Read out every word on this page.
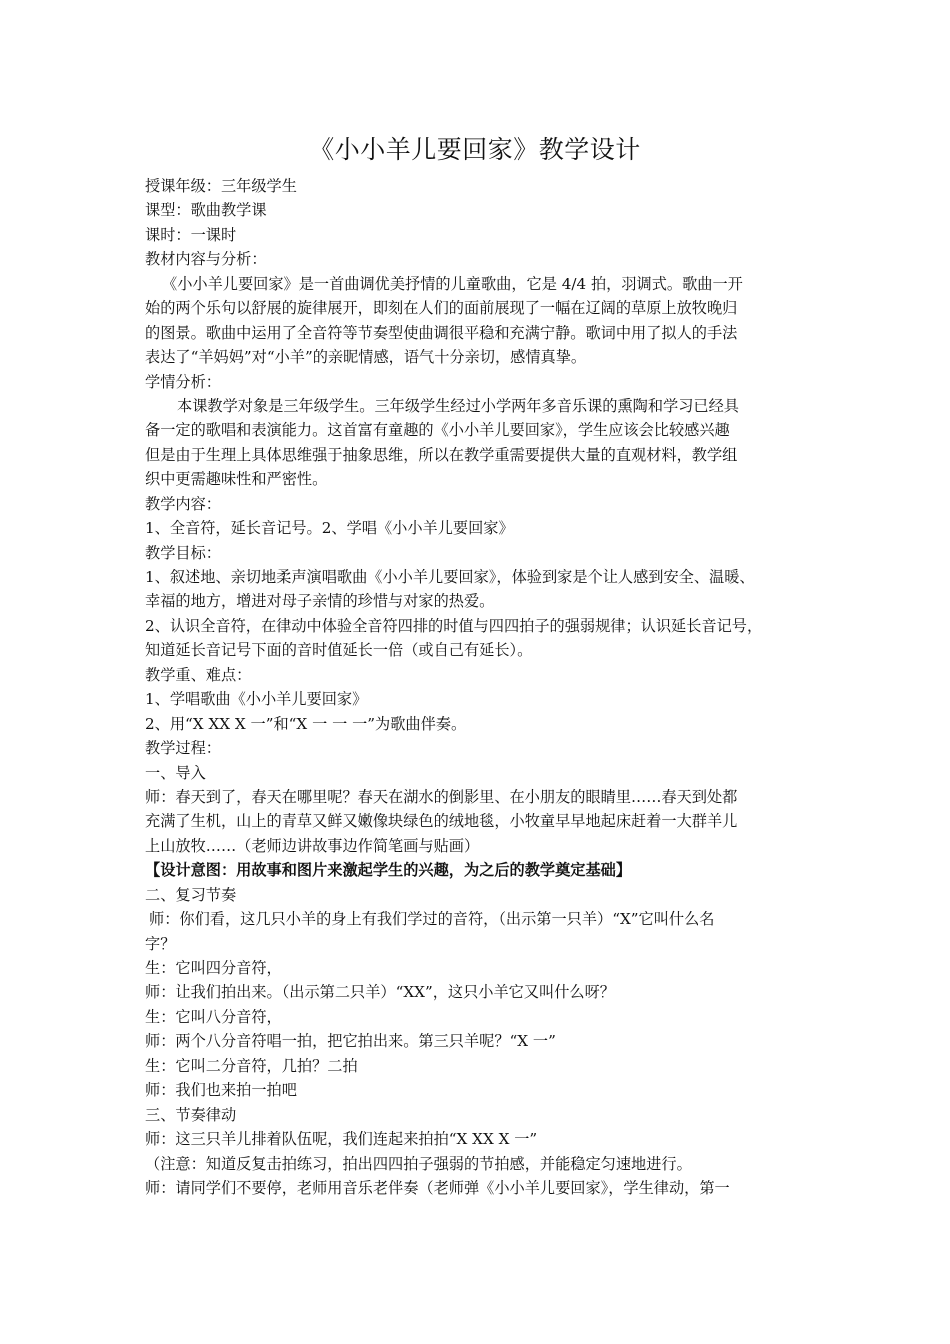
《小小羊儿要回家》教学设计
授课年级：三年级学生
课型：歌曲教学课
课时：一课时
教材内容与分析：
《小小羊儿要回家》是一首曲调优美抒情的儿童歌曲，它是 4/4 拍，羽调式。歌曲一开
始的两个乐句以舒展的旋律展开，即刻在人们的面前展现了一幅在辽阔的草原上放牧晚归
的图景。歌曲中运用了全音符等节奏型使曲调很平稳和充满宁静。歌词中用了拟人的手法
表达了“羊妈妈”对“小羊”的亲昵情感，语气十分亲切，感情真挚。
学情分析：
本课教学对象是三年级学生。三年级学生经过小学两年多音乐课的熏陶和学习已经具
备一定的歌唱和表演能力。这首富有童趣的《小小羊儿要回家》，学生应该会比较感兴趣
但是由于生理上具体思维强于抽象思维，所以在教学重需要提供大量的直观材料，教学组
织中更需趣味性和严密性。
教学内容：
1、全音符，延长音记号。2、学唱《小小羊儿要回家》
教学目标：
1、叙述地、亲切地柔声演唱歌曲《小小羊儿要回家》，体验到家是个让人感到安全、温暖、
幸福的地方，增进对母子亲情的珍惜与对家的热爱。
2、认识全音符，在律动中体验全音符四排的时值与四四拍子的强弱规律；认识延长音记号，
知道延长音记号下面的音时值延长一倍（或自己有延长）。
教学重、难点：
1、学唱歌曲《小小羊儿要回家》
2、用“X XX X 一”和“X 一 一 一”为歌曲伴奏。
教学过程：
一、导入
师：春天到了，春天在哪里呢？春天在湖水的倒影里、在小朋友的眼睛里……春天到处都
充满了生机，山上的青草又鲜又嫩像块绿色的绒地毯，小牧童早早地起床赶着一大群羊儿
上山放牧……（老师边讲故事边作简笔画与贴画）
【设计意图：用故事和图片来激起学生的兴趣，为之后的教学奠定基础】
二、复习节奏
师：你们看，这几只小羊的身上有我们学过的音符，（出示第一只羊）“X”它叫什么名
字？
生：它叫四分音符，
师：让我们拍出来。（出示第二只羊）“XX”，这只小羊它又叫什么呀？
生：它叫八分音符，
师：两个八分音符唱一拍，把它拍出来。第三只羊呢？“X 一”
生：它叫二分音符，几拍？二拍
师：我们也来拍一拍吧
三、节奏律动
师：这三只羊儿排着队伍呢，我们连起来拍拍“X XX X 一”
（注意：知道反复击拍练习，拍出四四拍子强弱的节拍感，并能稳定匀速地进行。
师：请同学们不要停，老师用音乐老伴奏（老师弹《小小羊儿要回家》，学生律动，第一
